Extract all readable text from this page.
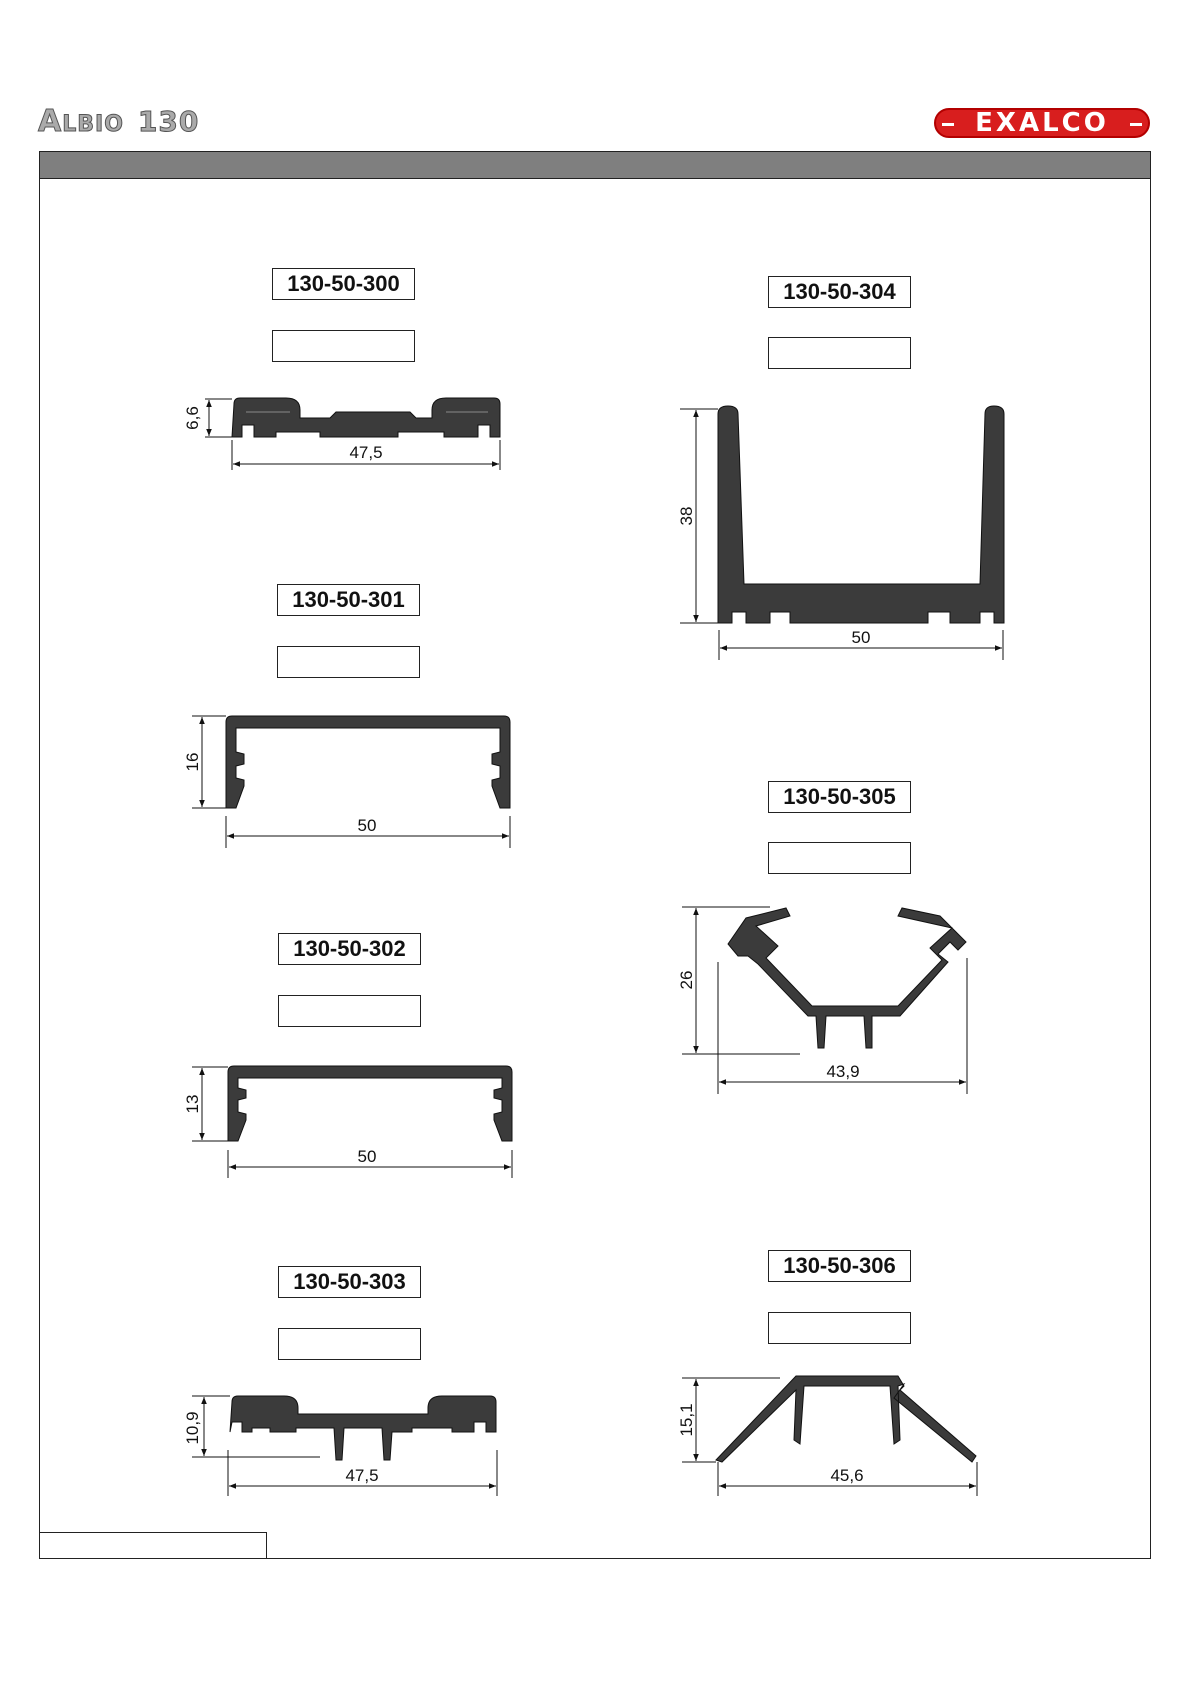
ALBIO 130	EXALCO
130-50-300
130-50-301
130-50-302
130-50-303
130-50-304
130-50-305
130-50-306
6,6
47,5
16
50
13
50
10,9
47,5
38
50
26
43,9
15,1
45,6
